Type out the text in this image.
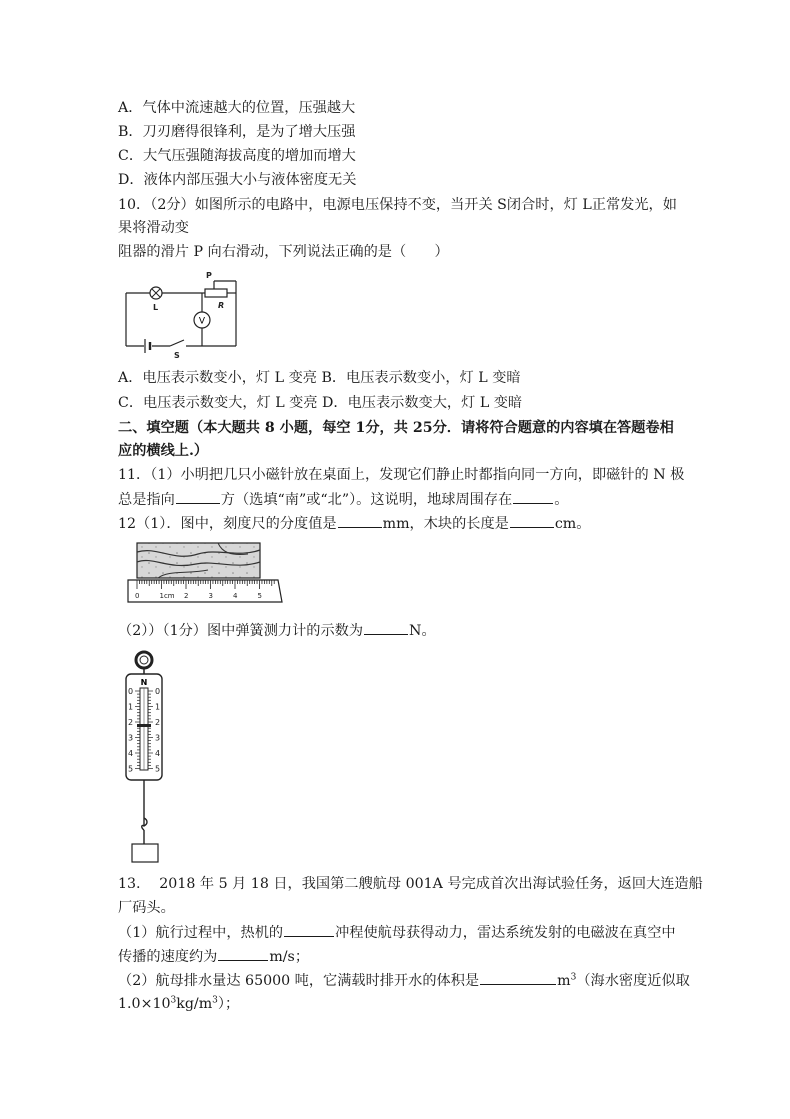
A．气体中流速越大的位置，压强越大
B．刀刃磨得很锋利，是为了增大压强
C．大气压强随海拔高度的增加而增大
D．液体内部压强大小与液体密度无关
10．（2分）如图所示的电路中，电源电压保持不变，当开关 S闭合时，灯 L正常发光，如
果将滑动变
阻器的滑片 P 向右滑动，下列说法正确的是（　　）
V
P
R
L
S
A．电压表示数变小，灯 L 变亮 B．电压表示数变小，灯 L 变暗
C．电压表示数变大，灯 L 变亮 D．电压表示数变大，灯 L 变暗
二、填空题（本大题共 8 小题，每空 1分，共 25分．请将符合题意的内容填在答题卷相
应的横线上.）
11．（1）小明把几只小磁针放在桌面上，发现它们静止时都指向同一方向，即磁针的 N 极
总是指向	方（选填“南”或“北”）。这说明，地球周围存在	。
12（1）．图中，刻度尺的分度值是	mm，木块的长度是	cm。
0	1cm 2	3	4	5
（2））（1分）图中弹簧测力计的示数为	N。
N
0	0
1	1
2	2
3	3
4	4
5	5
13.　 2018 年 5 月 18 日，我国第二艘航母 001A 号完成首次出海试验任务，返回大连造船
厂码头。
（1）航行过程中，热机的	冲程使航母获得动力，雷达系统发射的电磁波在真空中
传播的速度约为	m/s；
（2）航母排水量达 65000 吨，它满载时排开水的体积是	$m^3$（海水密度近似取
$1.0\times 10^3kg/m^3$）；
